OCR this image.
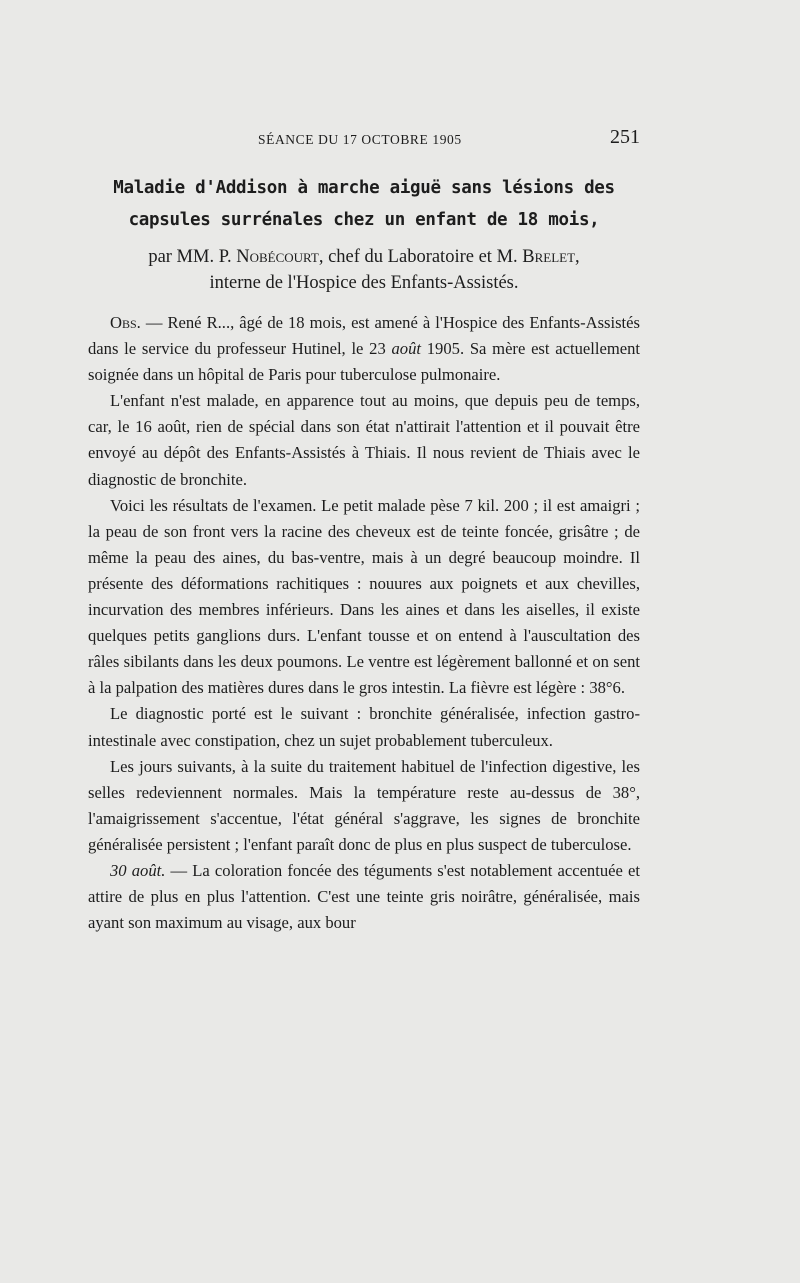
SÉANCE DU 17 OCTOBRE 1905	251
Maladie d'Addison à marche aiguë sans lésions des
capsules surrénales chez un enfant de 18 mois,
par MM. P. Nobécourt, chef du Laboratoire et M. Brelet,
interne de l'Hospice des Enfants-Assistés.

Obs. — René R..., âgé de 18 mois, est amené à l'Hospice des Enfants-Assistés dans le service du professeur Hutinel, le 23 août 1905. Sa mère est actuellement soignée dans un hôpital de Paris pour tuberculose pulmonaire.

L'enfant n'est malade, en apparence tout au moins, que depuis peu de temps, car, le 16 août, rien de spécial dans son état n'attirait l'attention et il pouvait être envoyé au dépôt des Enfants-Assistés à Thiais. Il nous revient de Thiais avec le diagnostic de bronchite.

Voici les résultats de l'examen. Le petit malade pèse 7 kil. 200 ; il est amaigri ; la peau de son front vers la racine des cheveux est de teinte foncée, grisâtre ; de même la peau des aines, du bas-ventre, mais à un degré beaucoup moindre. Il présente des déformations rachitiques : nouures aux poignets et aux chevilles, incurvation des membres inférieurs. Dans les aines et dans les aiselles, il existe quelques petits ganglions durs. L'enfant tousse et on entend à l'auscultation des râles sibilants dans les deux poumons. Le ventre est légèrement ballonné et on sent à la palpation des matières dures dans le gros intestin. La fièvre est légère : 38°6.

Le diagnostic porté est le suivant : bronchite généralisée, infection gastro-intestinale avec constipation, chez un sujet probablement tuberculeux.

Les jours suivants, à la suite du traitement habituel de l'infection digestive, les selles redeviennent normales. Mais la température reste au-dessus de 38°, l'amaigrissement s'accentue, l'état général s'aggrave, les signes de bronchite généralisée persistent ; l'enfant paraît donc de plus en plus suspect de tuberculose.

30 août. — La coloration foncée des téguments s'est notablement accentuée et attire de plus en plus l'attention. C'est une teinte gris noirâtre, généralisée, mais ayant son maximum au visage, aux bour
